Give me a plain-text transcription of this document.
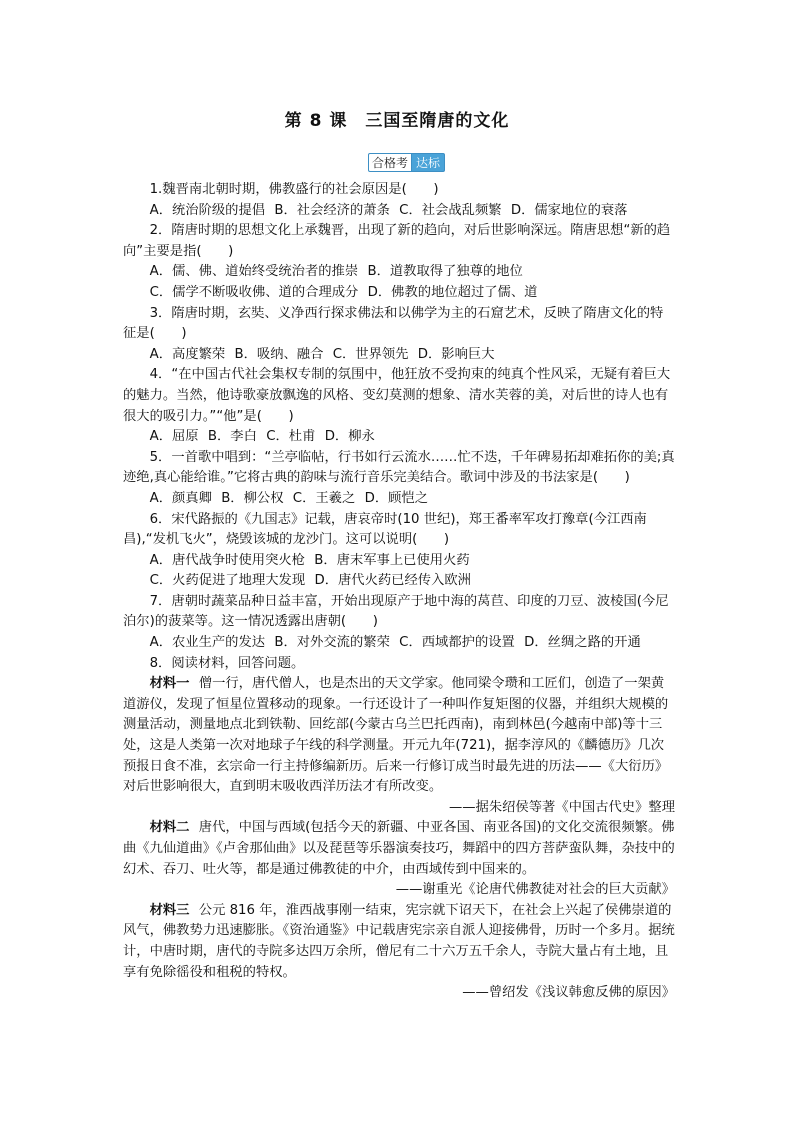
第 8 课　三国至隋唐的文化
合格考 达标

1.魏晋南北朝时期，佛教盛行的社会原因是(　　)

A．统治阶级的提倡 B．社会经济的萧条 C．社会战乱频繁 D．儒家地位的衰落

2．隋唐时期的思想文化上承魏晋，出现了新的趋向，对后世影响深远。隋唐思想“新的趋向”主要是指(　　)

A．儒、佛、道始终受统治者的推崇 B．道教取得了独尊的地位

C．儒学不断吸收佛、道的合理成分 D．佛教的地位超过了儒、道

3．隋唐时期，玄奘、义净西行探求佛法和以佛学为主的石窟艺术，反映了隋唐文化的特征是(　　)

A．高度繁荣 B．吸纳、融合 C．世界领先 D．影响巨大

4．“在中国古代社会集权专制的氛围中，他狂放不受拘束的纯真个性风采，无疑有着巨大的魅力。当然，他诗歌豪放飘逸的风格、变幻莫测的想象、清水芙蓉的美，对后世的诗人也有很大的吸引力。”“他”是(　　)

A．屈原 B．李白 C．杜甫 D．柳永

5．一首歌中唱到：“兰亭临帖，行书如行云流水……忙不迭，千年碑易拓却难拓你的美;真迹绝,真心能给谁。”它将古典的韵味与流行音乐完美结合。歌词中涉及的书法家是(　　)

A．颜真卿 B．柳公权 C．王羲之 D．顾恺之

6．宋代路振的《九国志》记载，唐哀帝时(10 世纪)，郑王番率军攻打豫章(今江西南昌),“发机飞火”，烧毁该城的龙沙门。这可以说明(　　)

A．唐代战争时使用突火枪 B．唐末军事上已使用火药

C．火药促进了地理大发现 D．唐代火药已经传入欧洲

7．唐朝时蔬菜品种日益丰富，开始出现原产于地中海的莴苣、印度的刀豆、波棱国(今尼泊尔)的菠菜等。这一情况透露出唐朝(　　)

A．农业生产的发达 B．对外交流的繁荣 C．西域都护的设置 D．丝绸之路的开通

8．阅读材料，回答问题。

材料一 僧一行，唐代僧人，也是杰出的天文学家。他同梁令瓒和工匠们，创造了一架黄道游仪，发现了恒星位置移动的现象。一行还设计了一种叫作复矩图的仪器，并组织大规模的测量活动，测量地点北到铁勒、回纥部(今蒙古乌兰巴托西南)，南到林邑(今越南中部)等十三处，这是人类第一次对地球子午线的科学测量。开元九年(721)，据李淳风的《麟德历》几次预报日食不准，玄宗命一行主持修编新历。后来一行修订成当时最先进的历法——《大衍历》对后世影响很大，直到明末吸收西洋历法才有所改变。

——据朱绍侯等著《中国古代史》整理

材料二 唐代，中国与西域(包括今天的新疆、中亚各国、南亚各国)的文化交流很频繁。佛曲《九仙道曲》《卢舍那仙曲》以及琵琶等乐器演奏技巧，舞蹈中的四方菩萨蛮队舞，杂技中的幻术、吞刀、吐火等，都是通过佛教徒的中介，由西域传到中国来的。

——谢重光《论唐代佛教徒对社会的巨大贡献》

材料三 公元 816 年，淮西战事刚一结束，宪宗就下诏天下，在社会上兴起了侯佛崇道的风气，佛教势力迅速膨胀。《资治通鉴》中记载唐宪宗亲自派人迎接佛骨，历时一个多月。据统计，中唐时期，唐代的寺院多达四万余所，僧尼有二十六万五千余人，寺院大量占有土地，且享有免除徭役和租税的特权。

——曾绍发《浅议韩愈反佛的原因》
